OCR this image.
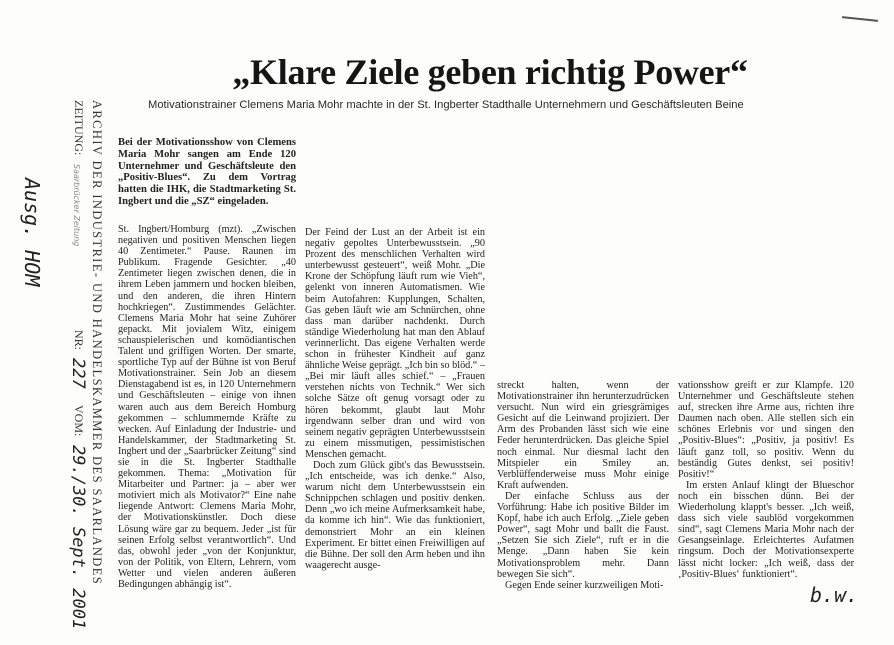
„Klare Ziele geben richtig Power“
Motivationstrainer Clemens Maria Mohr machte in der St. Ingberter Stadthalle Unternehmern und Geschäftsleuten Beine
Ausg. HOM	ARCHIV DER INDUSTRIE- UND HANDELSKAMMER DES SAARLANDES
ZEITUNG:
Saarbrücker Zeitung
NR:
227
VOM:
29./30. Sept. 2001
Bei der Motivationsshow von Clemens Maria Mohr sangen am Ende 120 Unternehmer und Geschäftsleute den „Positiv-Blues“. Zu dem Vortrag hatten die IHK, die Stadtmarketing St. Ingbert und die „SZ“ eingeladen.

St. Ingbert/Homburg (mzt). „Zwischen negativen und positiven Menschen liegen 40 Zentimeter.“ Pause. Raunen im Publikum. Fragende Gesichter. „40 Zentimeter liegen zwischen denen, die in ihrem Leben jammern und hocken bleiben, und den anderen, die ihren Hintern hochkriegen“. Zustimmendes Gelächter. Clemens Maria Mohr hat seine Zuhörer gepackt. Mit jovialem Witz, einigem schauspielerischen und komödiantischen Talent und griffigen Worten. Der smarte, sportliche Typ auf der Bühne ist von Beruf Motivationstrainer. Sein Job an diesem Dienstagabend ist es, in 120 Unternehmern und Geschäftsleuten – einige von ihnen waren auch aus dem Bereich Homburg gekommen – schlummernde Kräfte zu wecken. Auf Einladung der Industrie- und Handelskammer, der Stadtmarketing St. Ingbert und der „Saarbrücker Zeitung“ sind sie in die St. Ingberter Stadthalle gekommen. Thema: „Motivation für Mitarbeiter und Partner: ja – aber wer motiviert mich als Motivator?“ Eine nahe liegende Antwort: Clemens Maria Mohr, der Motivationskünstler. Doch diese Lösung wäre gar zu bequem. Jeder „ist für seinen Erfolg selbst verantwortlich“. Und das, obwohl jeder „von der Konjunktur, von der Politik, von Eltern, Lehrern, vom Wetter und vielen anderen äußeren Bedingungen abhängig ist“.

Der Feind der Lust an der Arbeit ist ein negativ gepoltes Unterbewusstsein. „90 Prozent des menschlichen Verhalten wird unterbewusst gesteuert“, weiß Mohr. „Die Krone der Schöpfung läuft rum wie Vieh“, gelenkt von inneren Automatismen. Wie beim Autofahren: Kupplungen, Schalten, Gas geben läuft wie am Schnürchen, ohne dass man darüber nachdenkt. Durch ständige Wiederholung hat man den Ablauf verinnerlicht. Das eigene Verhalten werde schon in frühester Kindheit auf ganz ähnliche Weise geprägt. „Ich bin so blöd.“ – „Bei mir läuft alles schief.“ – „Frauen verstehen nichts von Technik.“ Wer sich solche Sätze oft genug vorsagt oder zu hören bekommt, glaubt laut Mohr irgendwann selber dran und wird von seinem negativ geprägten Unterbewusstsein zu einem missmutigen, pessimistischen Menschen gemacht.

Doch zum Glück gibt's das Bewusstsein. „Ich entscheide, was ich denke.“ Also, warum nicht dem Unterbewusstsein ein Schnippchen schlagen und positiv denken. Denn „wo ich meine Aufmerksamkeit habe, da komme ich hin“. Wie das funktioniert, demonstriert Mohr an ein kleinen Experiment. Er bittet einen Freiwilligen auf die Bühne. Der soll den Arm heben und ihn waagerecht ausge-

streckt halten, wenn der Motivationstrainer ihn herunterzudrücken versucht. Nun wird ein griesgrämiges Gesicht auf die Leinwand projiziert. Der Arm des Probanden lässt sich wie eine Feder herunterdrücken. Das gleiche Spiel noch einmal. Nur diesmal lacht den Mitspieler ein Smiley an. Verblüffenderweise muss Mohr einige Kraft aufwenden.

Der einfache Schluss aus der Vorführung: Habe ich positive Bilder im Kopf, habe ich auch Erfolg. „Ziele geben Power“, sagt Mohr und ballt die Faust. „Setzen Sie sich Ziele“, ruft er in die Menge. „Dann haben Sie kein Motivationsproblem mehr. Dann bewegen Sie sich“.

Gegen Ende seiner kurzweiligen Moti-

vationsshow greift er zur Klampfe. 120 Unternehmer und Geschäftsleute stehen auf, strecken ihre Arme aus, richten ihre Daumen nach oben. Alle stellen sich ein schönes Erlebnis vor und singen den „Positiv-Blues“: „Positiv, ja positiv! Es läuft ganz toll, so positiv. Wenn du beständig Gutes denkst, sei positiv! Positiv!“

Im ersten Anlauf klingt der Blueschor noch ein bisschen dünn. Bei der Wiederholung klappt's besser. „Ich weiß, dass sich viele saublöd vorgekommen sind“, sagt Clemens Maria Mohr nach der Gesangseinlage. Erleichtertes Aufatmen ringsum. Doch der Motivationsexperte lässt nicht locker: „Ich weiß, dass der ‚Positiv-Blues‘ funktioniert“.

b.w.
